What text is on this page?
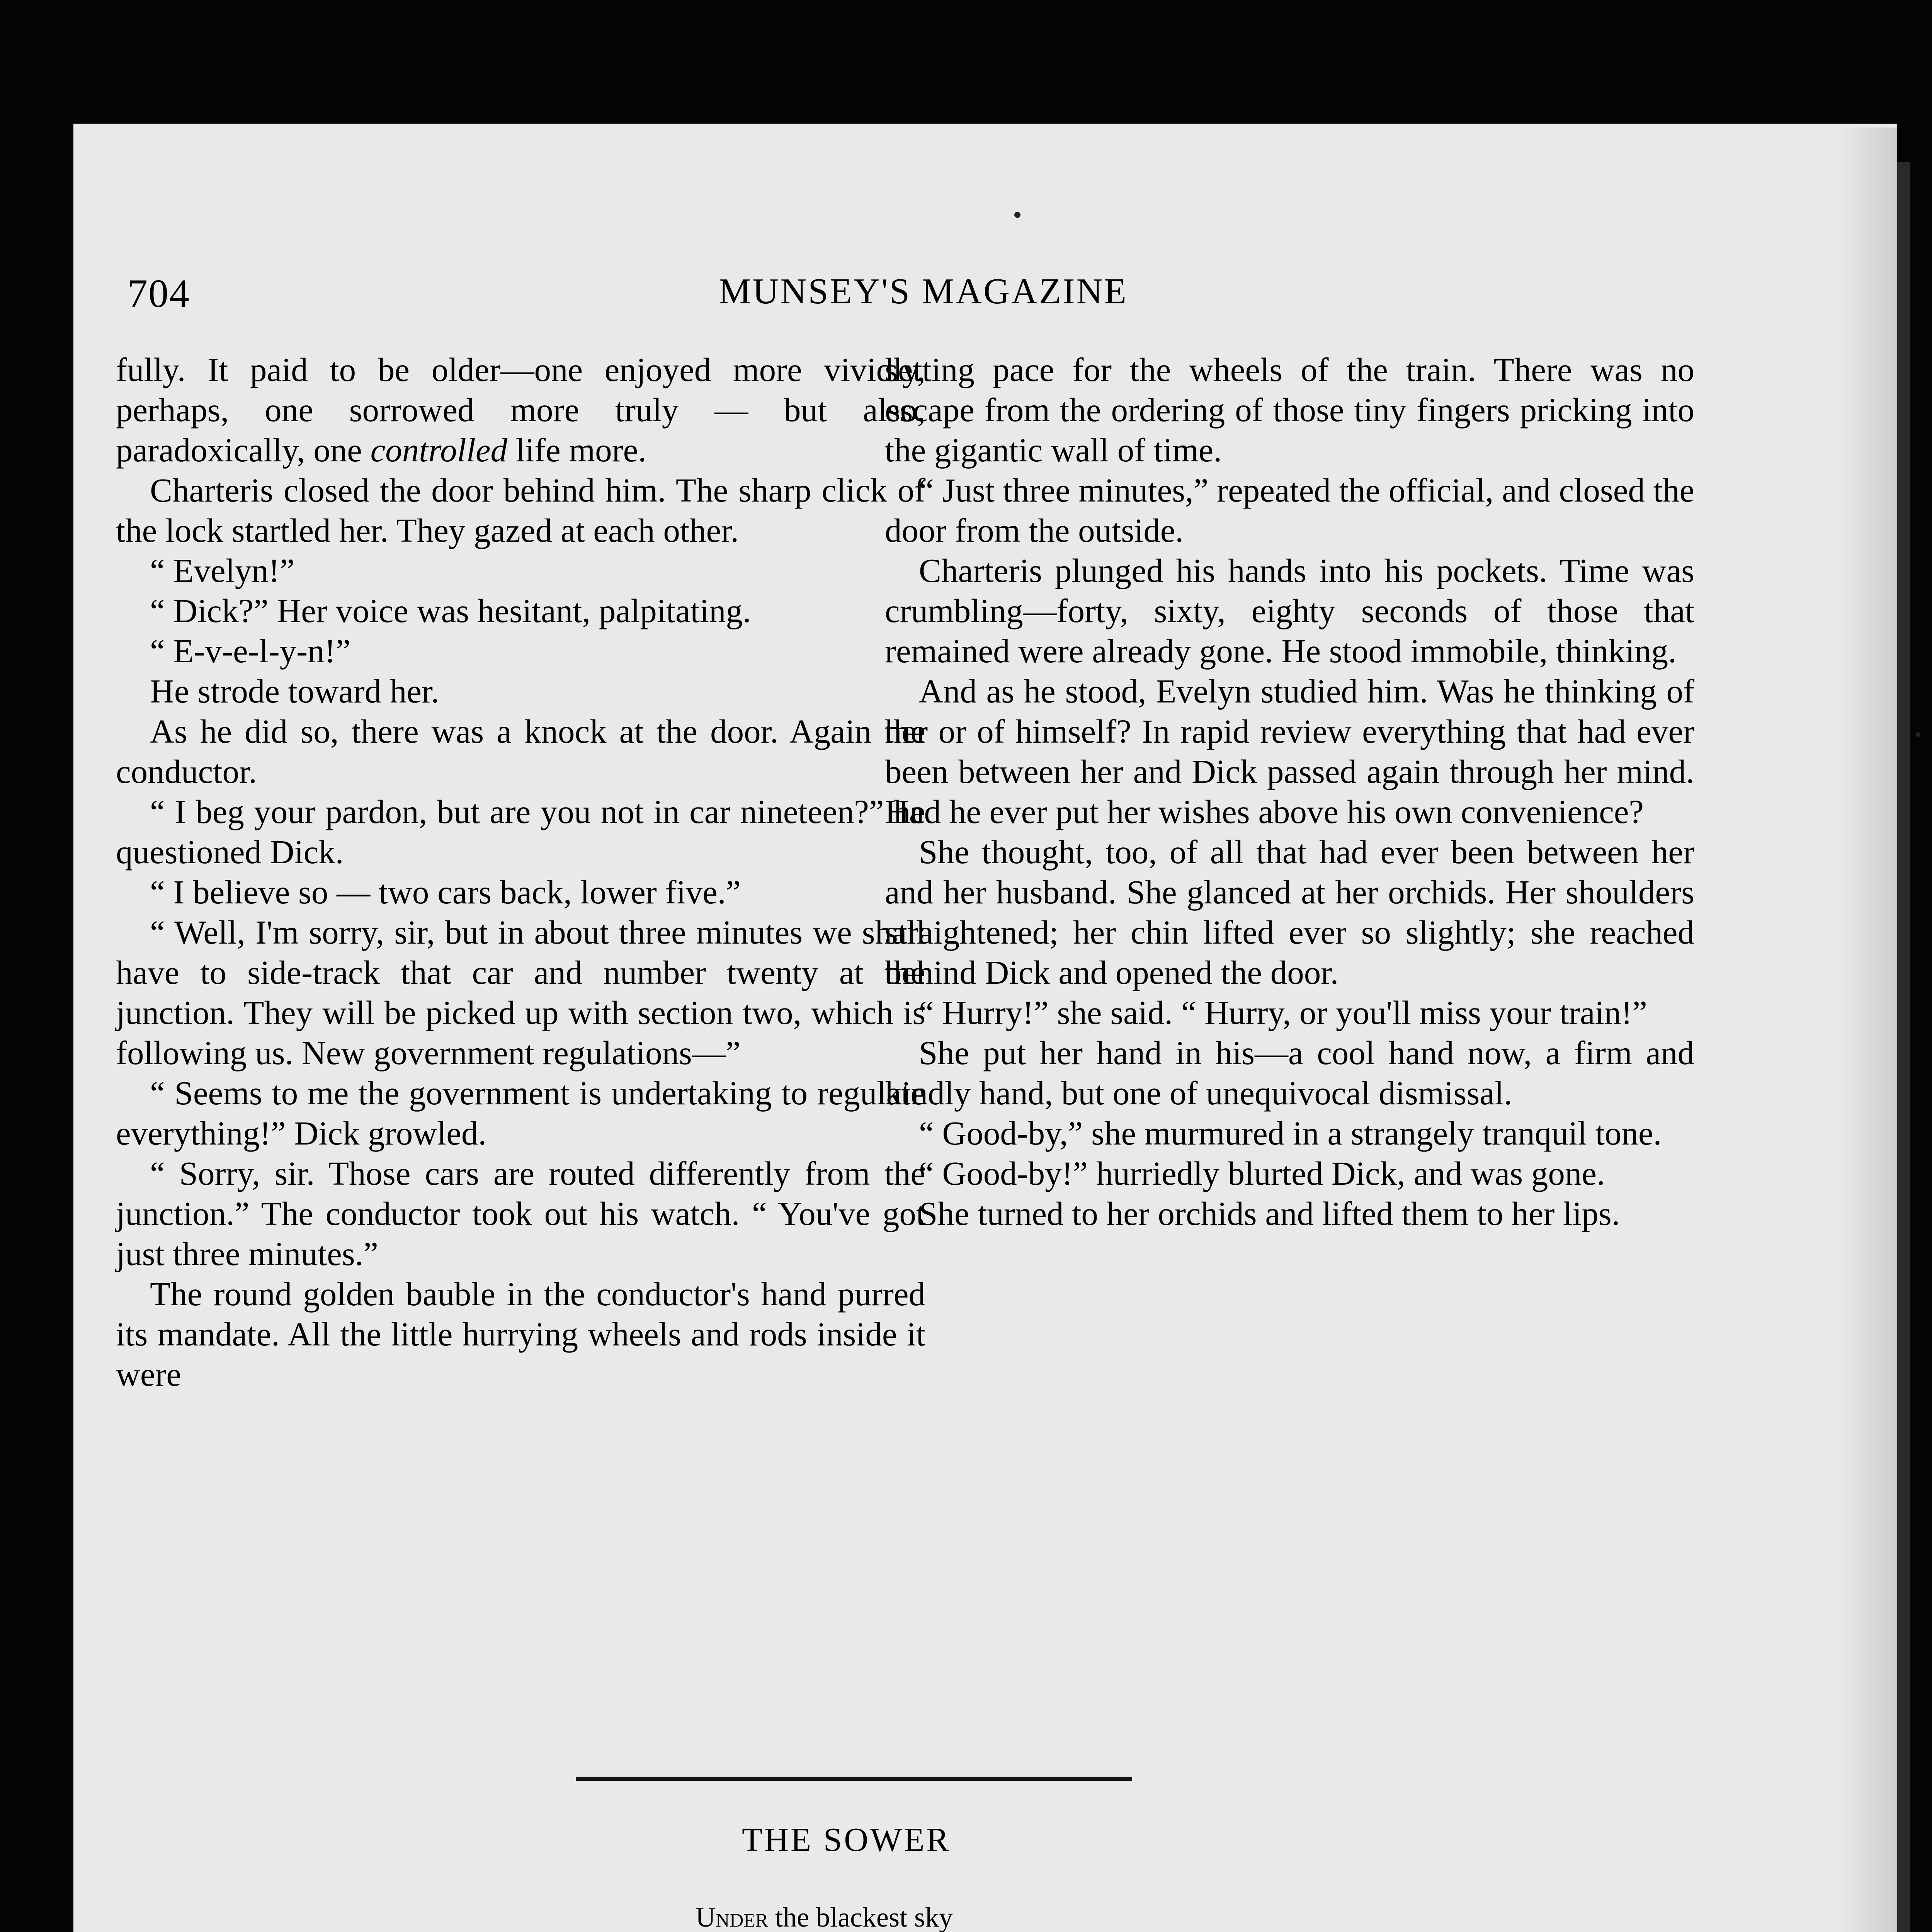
704	MUNSEY'S MAGAZINE

fully. It paid to be older—one enjoyed more vividly, perhaps, one sorrowed more truly — but also, paradoxically, one controlled life more.

Charteris closed the door behind him. The sharp click of the lock startled her. They gazed at each other.

“ Evelyn!”

“ Dick?” Her voice was hesitant, palpitating.

“ E-v-e-l-y-n!”

He strode toward her.

As he did so, there was a knock at the door. Again the conductor.

“ I beg your pardon, but are you not in car nineteen?” he questioned Dick.

“ I believe so — two cars back, lower five.”

“ Well, I'm sorry, sir, but in about three minutes we shall have to side-track that car and number twenty at the junction. They will be picked up with section two, which is following us. New government regulations—”

“ Seems to me the government is undertaking to regulate everything!” Dick growled.

“ Sorry, sir. Those cars are routed differently from the junction.” The conductor took out his watch. “ You've got just three minutes.”

The round golden bauble in the conductor's hand purred its mandate. All the little hurrying wheels and rods inside it were

setting pace for the wheels of the train. There was no escape from the ordering of those tiny fingers pricking into the gigantic wall of time.

“ Just three minutes,” repeated the official, and closed the door from the outside.

Charteris plunged his hands into his pockets. Time was crumbling—forty, sixty, eighty seconds of those that remained were already gone. He stood immobile, thinking.

And as he stood, Evelyn studied him. Was he thinking of her or of himself? In rapid review everything that had ever been between her and Dick passed again through her mind. Had he ever put her wishes above his own convenience?

She thought, too, of all that had ever been between her and her husband. She glanced at her orchids. Her shoulders straightened; her chin lifted ever so slightly; she reached behind Dick and opened the door.

“ Hurry!” she said. “ Hurry, or you'll miss your train!”

She put her hand in his—a cool hand now, a firm and kindly hand, but one of unequivocal dismissal.

“ Good-by,” she murmured in a strangely tranquil tone.

“ Good-by!” hurriedly blurted Dick, and was gone.

She turned to her orchids and lifted them to her lips.

THE SOWER
Under the blackest sky
